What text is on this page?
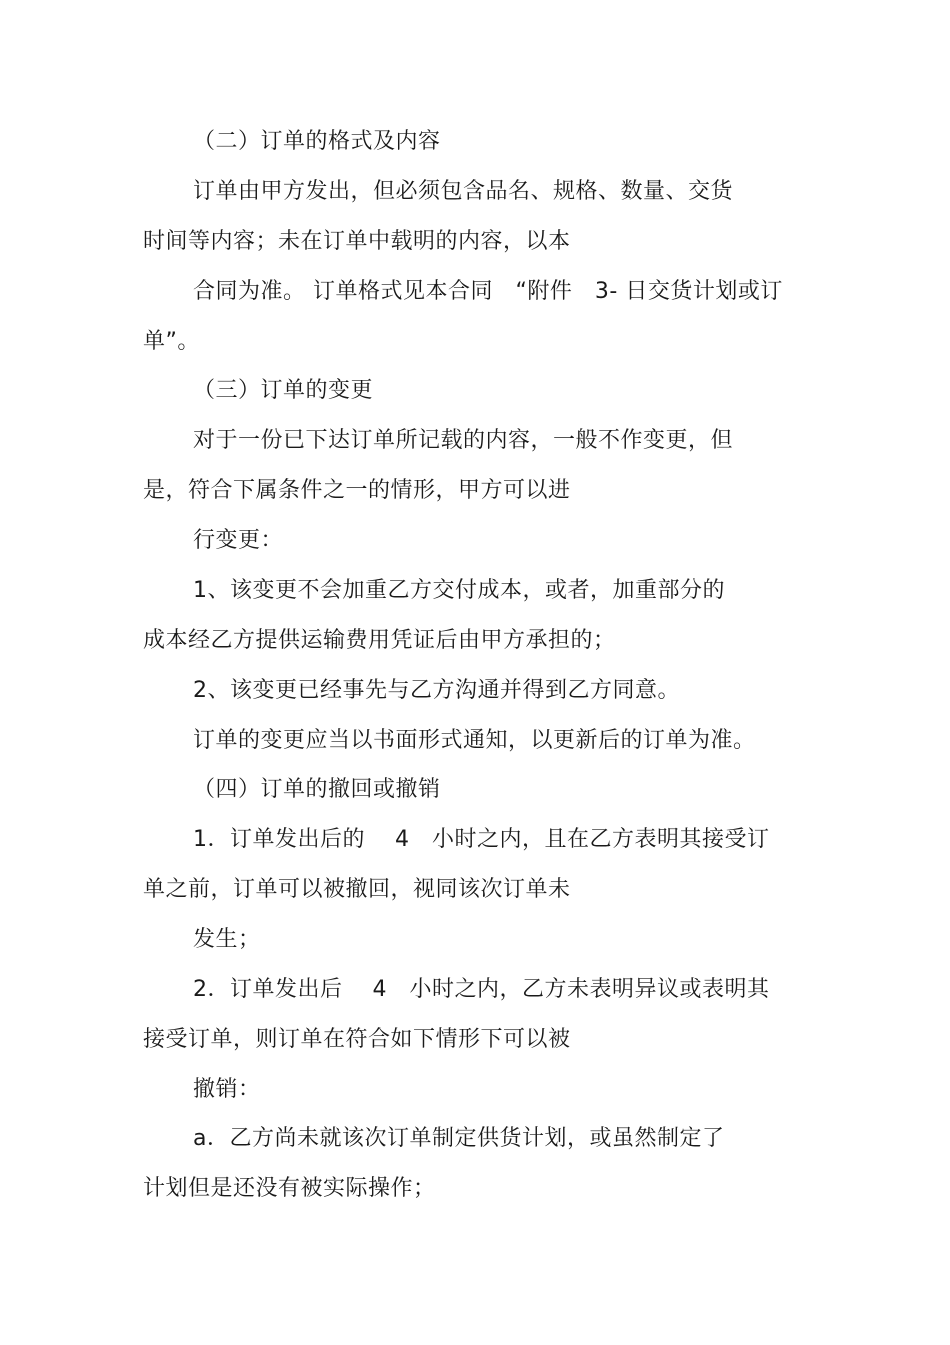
（二）订单的格式及内容
订单由甲方发出，但必须包含品名、规格、数量、交货
时间等内容；未在订单中载明的内容，以本
合同为准。 订单格式见本合同　“附件　3- 日交货计划或订
单”。
（三）订单的变更
对于一份已下达订单所记载的内容，一般不作变更，但
是，符合下属条件之一的情形，甲方可以进
行变更：
1、该变更不会加重乙方交付成本，或者，加重部分的
成本经乙方提供运输费用凭证后由甲方承担的；
2、该变更已经事先与乙方沟通并得到乙方同意。
订单的变更应当以书面形式通知，以更新后的订单为准。
（四）订单的撤回或撤销
1．订单发出后的　 4　小时之内，且在乙方表明其接受订
单之前，订单可以被撤回，视同该次订单未
发生；
2．订单发出后　 4　小时之内，乙方未表明异议或表明其
接受订单，则订单在符合如下情形下可以被
撤销：
a．乙方尚未就该次订单制定供货计划，或虽然制定了
计划但是还没有被实际操作；
